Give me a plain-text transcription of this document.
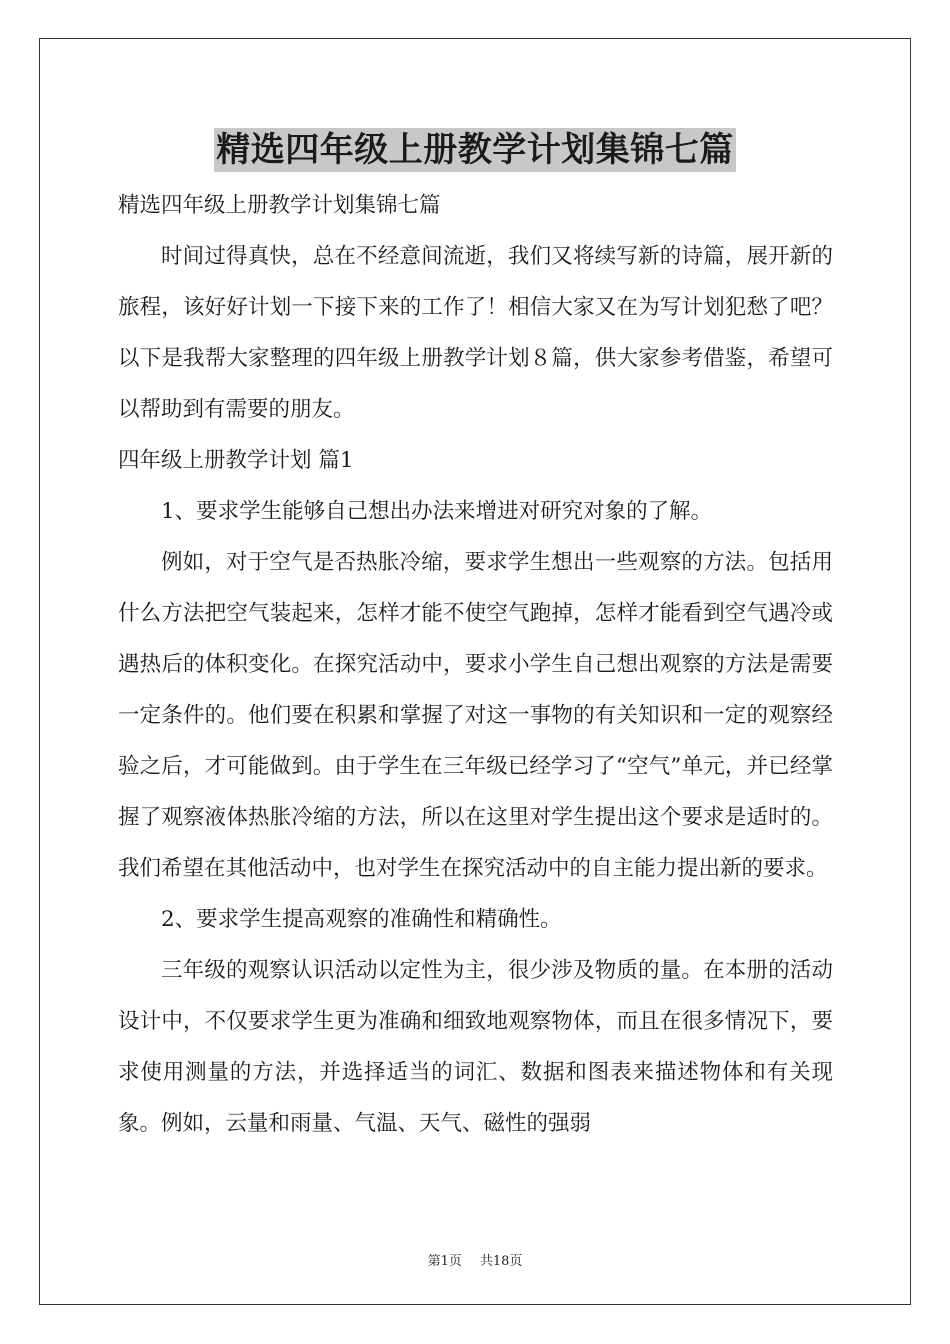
精选四年级上册教学计划集锦七篇

精选四年级上册教学计划集锦七篇

时间过得真快，总在不经意间流逝，我们又将续写新的诗篇，展开新的旅程，该好好计划一下接下来的工作了！相信大家又在为写计划犯愁了吧？以下是我帮大家整理的四年级上册教学计划８篇，供大家参考借鉴，希望可以帮助到有需要的朋友。

四年级上册教学计划 篇1

1、要求学生能够自己想出办法来增进对研究对象的了解。

例如，对于空气是否热胀冷缩，要求学生想出一些观察的方法。包括用什么方法把空气装起来，怎样才能不使空气跑掉，怎样才能看到空气遇冷或遇热后的体积变化。在探究活动中，要求小学生自己想出观察的方法是需要一定条件的。他们要在积累和掌握了对这一事物的有关知识和一定的观察经验之后，才可能做到。由于学生在三年级已经学习了“空气”单元，并已经掌握了观察液体热胀冷缩的方法，所以在这里对学生提出这个要求是适时的。我们希望在其他活动中，也对学生在探究活动中的自主能力提出新的要求。

2、要求学生提高观察的准确性和精确性。

三年级的观察认识活动以定性为主，很少涉及物质的量。在本册的活动设计中，不仅要求学生更为准确和细致地观察物体，而且在很多情况下，要求使用测量的方法，并选择适当的词汇、数据和图表来描述物体和有关现象。例如，云量和雨量、气温、天气、磁性的强弱

第1页 共18页
